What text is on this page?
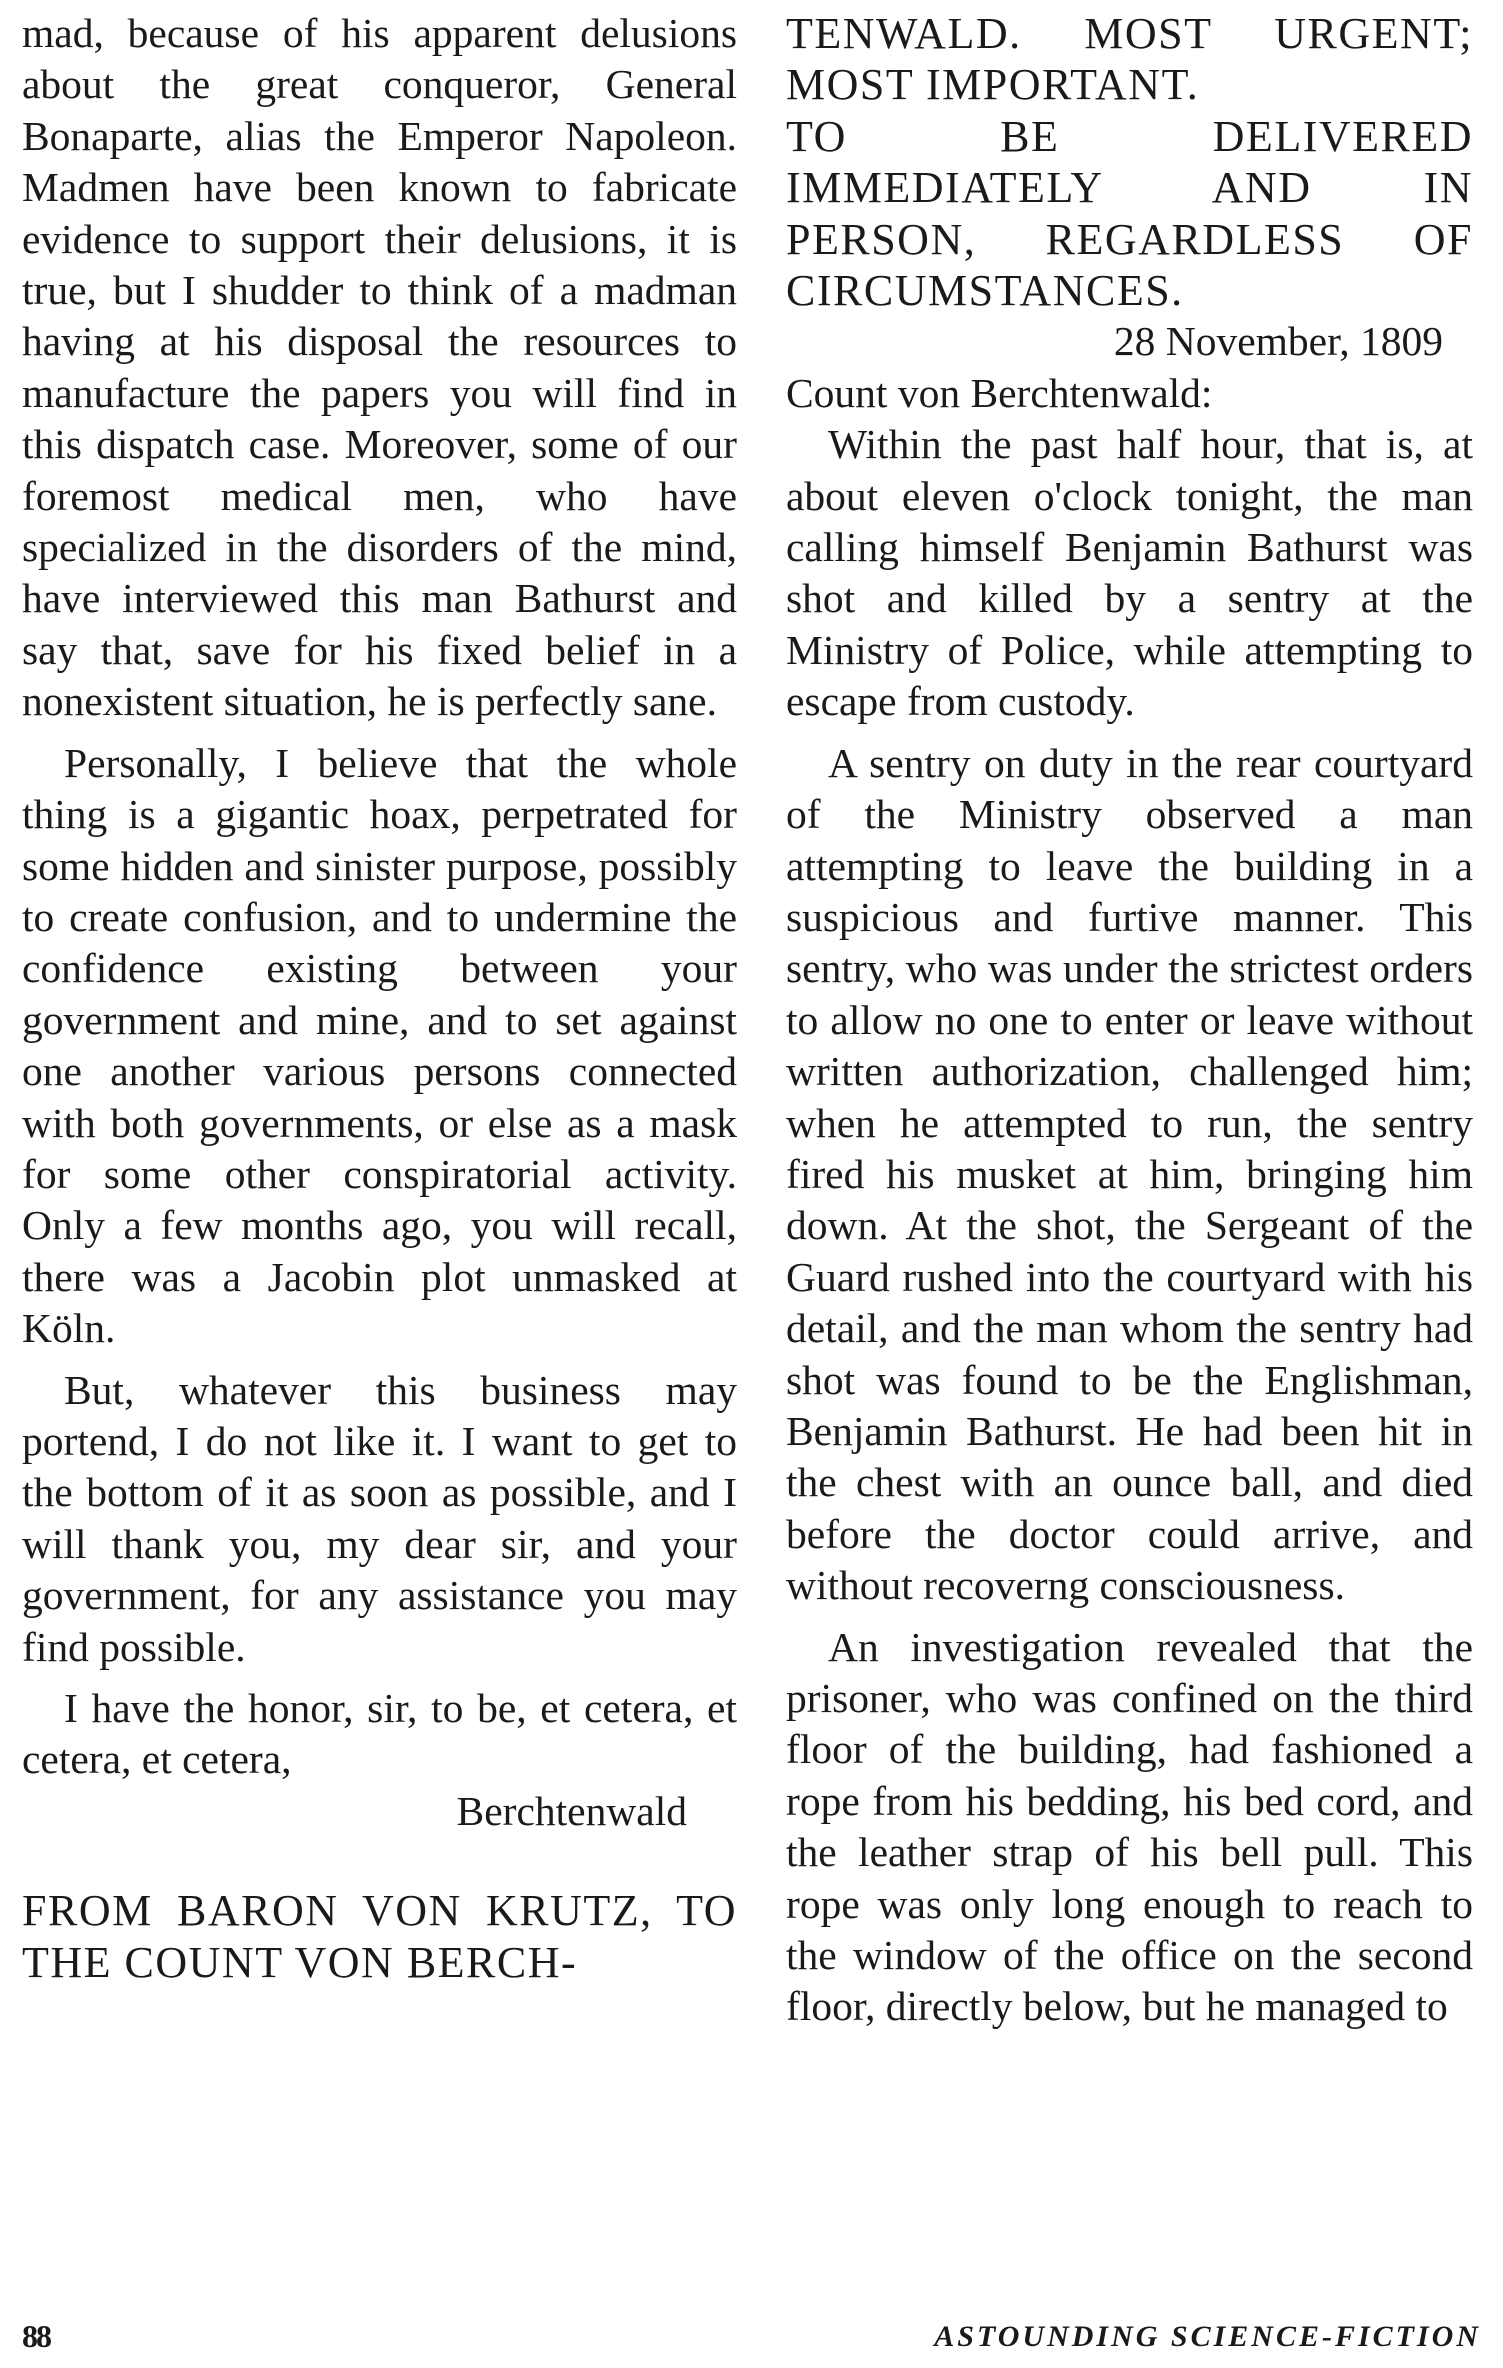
mad, because of his apparent delusions about the great conqueror, General Bonaparte, alias the Emperor Napoleon. Madmen have been known to fabricate evidence to support their delusions, it is true, but I shudder to think of a madman having at his disposal the resources to manufacture the papers you will find in this dispatch case. Moreover, some of our foremost medical men, who have specialized in the disorders of the mind, have interviewed this man Bathurst and say that, save for his fixed belief in a nonexistent situation, he is perfectly sane.

Personally, I believe that the whole thing is a gigantic hoax, perpetrated for some hidden and sinister purpose, possibly to create confusion, and to undermine the confidence existing between your government and mine, and to set against one another various persons connected with both governments, or else as a mask for some other conspiratorial activity. Only a few months ago, you will recall, there was a Jacobin plot unmasked at Köln.

But, whatever this business may portend, I do not like it. I want to get to the bottom of it as soon as possible, and I will thank you, my dear sir, and your government, for any assistance you may find possible.

I have the honor, sir, to be, et cetera, et cetera, et cetera,

Berchtenwald

FROM BARON VON KRUTZ, TO THE COUNT VON BERCH-

TENWALD. MOST URGENT; MOST IMPORTANT.

TO BE DELIVERED IMMEDIATELY AND IN PERSON, REGARDLESS OF CIRCUMSTANCES.

28 November, 1809

Count von Berchtenwald:

Within the past half hour, that is, at about eleven o'clock tonight, the man calling himself Benjamin Bathurst was shot and killed by a sentry at the Ministry of Police, while attempting to escape from custody.

A sentry on duty in the rear courtyard of the Ministry observed a man attempting to leave the building in a suspicious and furtive manner. This sentry, who was under the strictest orders to allow no one to enter or leave without written authorization, challenged him; when he attempted to run, the sentry fired his musket at him, bringing him down. At the shot, the Sergeant of the Guard rushed into the courtyard with his detail, and the man whom the sentry had shot was found to be the Englishman, Benjamin Bathurst. He had been hit in the chest with an ounce ball, and died before the doctor could arrive, and without recoverng consciousness.

An investigation revealed that the prisoner, who was confined on the third floor of the building, had fashioned a rope from his bedding, his bed cord, and the leather strap of his bell pull. This rope was only long enough to reach to the window of the office on the second floor, directly below, but he managed to

88	ASTOUNDING SCIENCE-FICTION
